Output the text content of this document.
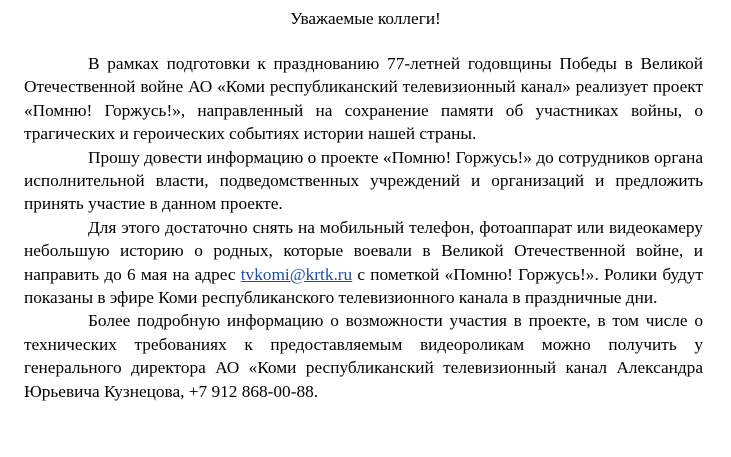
Уважаемые коллеги!

В рамках подготовки к празднованию 77-летней годовщины Победы в Великой Отечественной войне АО «Коми республиканский телевизионный канал» реализует проект «Помню! Горжусь!», направленный на сохранение памяти об участниках войны, о трагических и героических событиях истории нашей страны.

Прошу довести информацию о проекте «Помню! Горжусь!» до сотрудников органа исполнительной власти, подведомственных учреждений и организаций и предложить принять участие в данном проекте.

Для этого достаточно снять на мобильный телефон, фотоаппарат или видеокамеру небольшую историю о родных, которые воевали в Великой Отечественной войне, и направить до 6 мая на адрес tvkomi@krtk.ru с пометкой «Помню! Горжусь!». Ролики будут показаны в эфире Коми республиканского телевизионного канала в праздничные дни.

Более подробную информацию о возможности участия в проекте, в том числе о технических требованиях к предоставляемым видеороликам можно получить у генерального директора АО «Коми республиканский телевизионный канал Александра Юрьевича Кузнецова, +7 912 868-00-88.
